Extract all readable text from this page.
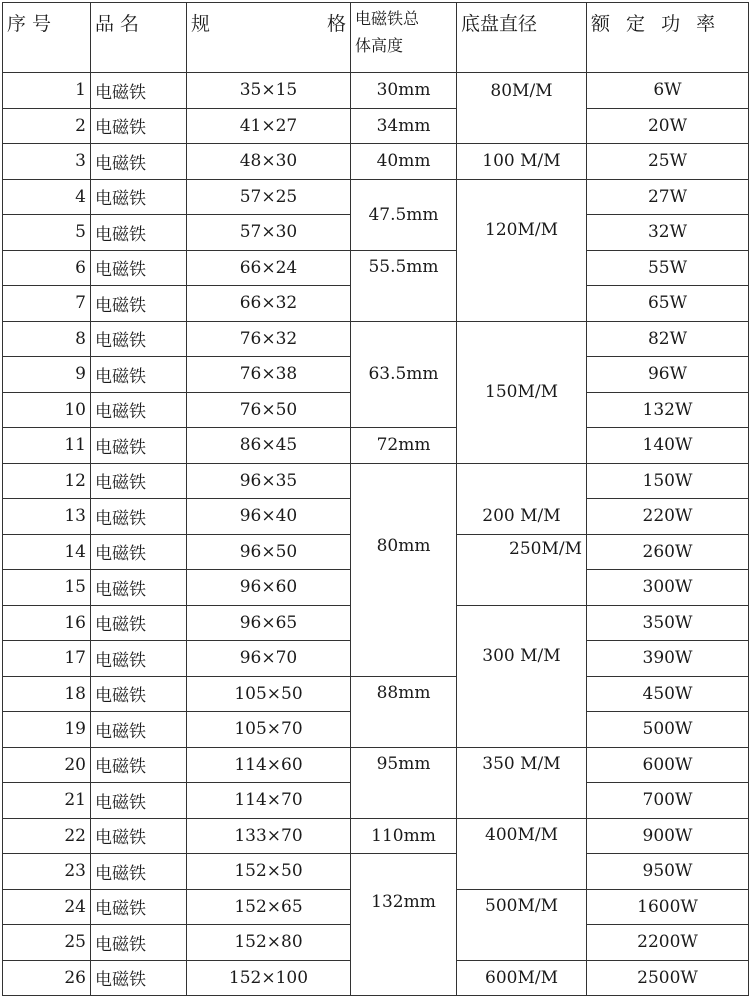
序 号	品 名	规 格	电磁铁总
体高度	底盘直径	额 定 功 率
1	电磁铁	35×15	30mm	80M/M	6W
2	电磁铁	41×27	34mm		20W
3	电磁铁	48×30	40mm	100 M/M	25W
4	电磁铁	57×25	47.5mm	120M/M	27W
5	电磁铁	57×30			32W
6	电磁铁	66×24	55.5mm		55W
7	电磁铁	66×32			65W
8	电磁铁	76×32	63.5mm	150M/M	82W
9	电磁铁	76×38			96W
10	电磁铁	76×50			132W
11	电磁铁	86×45	72mm		140W
12	电磁铁	96×35	80mm	200 M/M	150W
13	电磁铁	96×40			220W
14	电磁铁	96×50		250M/M	260W
15	电磁铁	96×60			300W
16	电磁铁	96×65		300 M/M	350W
17	电磁铁	96×70			390W
18	电磁铁	105×50	88mm		450W
19	电磁铁	105×70			500W
20	电磁铁	114×60	95mm	350 M/M	600W
21	电磁铁	114×70			700W
22	电磁铁	133×70	110mm	400M/M	900W
23	电磁铁	152×50	132mm		950W
24	电磁铁	152×65		500M/M	1600W
25	电磁铁	152×80			2200W
26	电磁铁	152×100		600M/M	2500W
